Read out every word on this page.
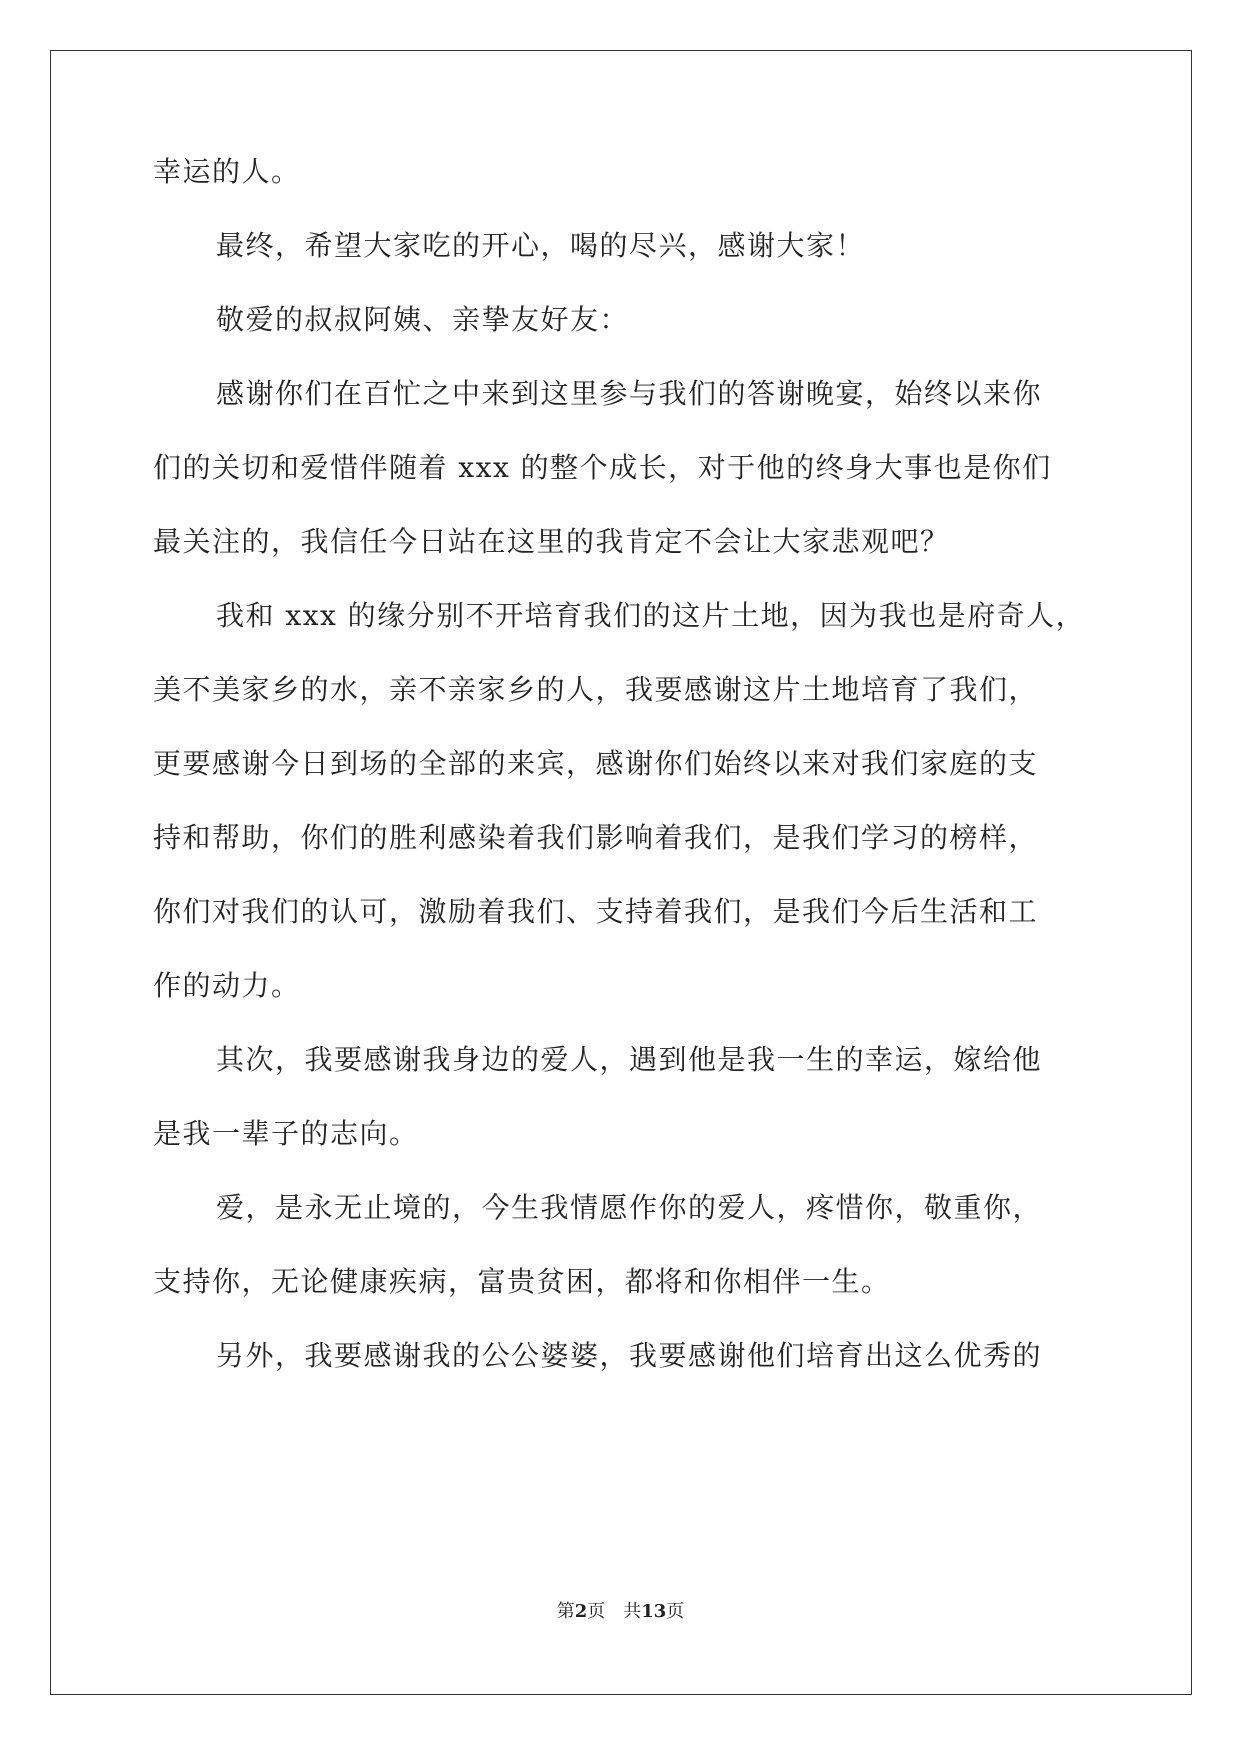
幸运的人。
最终，希望大家吃的开心，喝的尽兴，感谢大家！
敬爱的叔叔阿姨、亲挚友好友：
感谢你们在百忙之中来到这里参与我们的答谢晚宴，始终以来你
们的关切和爱惜伴随着 xxx 的整个成长，对于他的终身大事也是你们
最关注的，我信任今日站在这里的我肯定不会让大家悲观吧？
我和 xxx 的缘分别不开培育我们的这片土地，因为我也是府奇人，
美不美家乡的水，亲不亲家乡的人，我要感谢这片土地培育了我们，
更要感谢今日到场的全部的来宾，感谢你们始终以来对我们家庭的支
持和帮助，你们的胜利感染着我们影响着我们，是我们学习的榜样，
你们对我们的认可，激励着我们、支持着我们，是我们今后生活和工
作的动力。
其次，我要感谢我身边的爱人，遇到他是我一生的幸运，嫁给他
是我一辈子的志向。
爱，是永无止境的，今生我情愿作你的爱人，疼惜你，敬重你，
支持你，无论健康疾病，富贵贫困，都将和你相伴一生。
另外，我要感谢我的公公婆婆，我要感谢他们培育出这么优秀的
第2页 共13页
